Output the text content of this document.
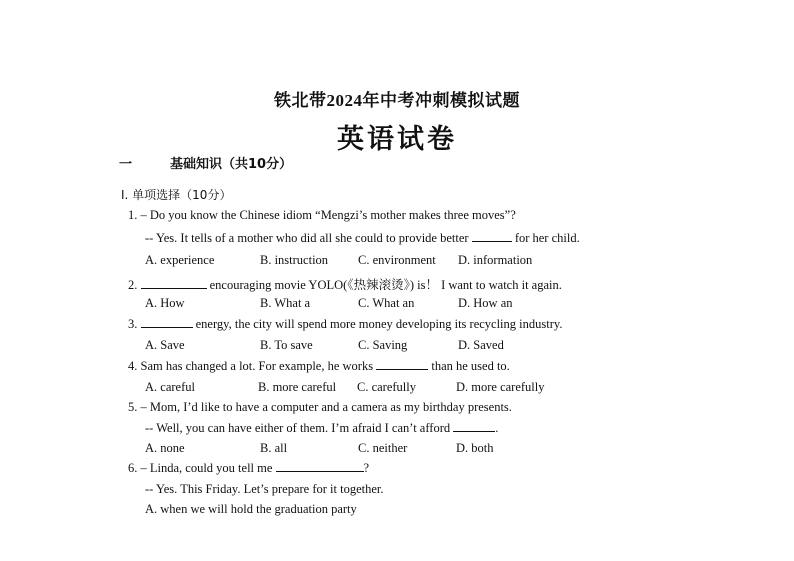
铁北带2024年中考冲刺模拟试题
英语试卷
一	基础知识（共10分）
Ⅰ. 单项选择（10分）
1. – Do you know the Chinese idiom “Mengzi’s mother makes three moves”?
-- Yes. It tells of a mother who did all she could to provide better	for her child.
A. experience	B. instruction C. environment D. information
2.	encouraging movie YOLO(《热辣滚烫》) is！ I want to watch it again.
A. How	B. What a	C. What an	D. How an
3.	energy, the city will spend more money developing its recycling industry.
A. Save	B. To save	C. Saving	D. Saved
4. Sam has changed a lot. For example, he works	than he used to.
A. careful	B. more careful C. carefully	D. more carefully
5. – Mom, I’d like to have a computer and a camera as my birthday presents.
-- Well, you can have either of them. I’m afraid I can’t afford	.
A. none	B. all	C. neither	D. both
6. – Linda, could you tell me	?
-- Yes. This Friday. Let’s prepare for it together.
A. when we will hold the graduation party
